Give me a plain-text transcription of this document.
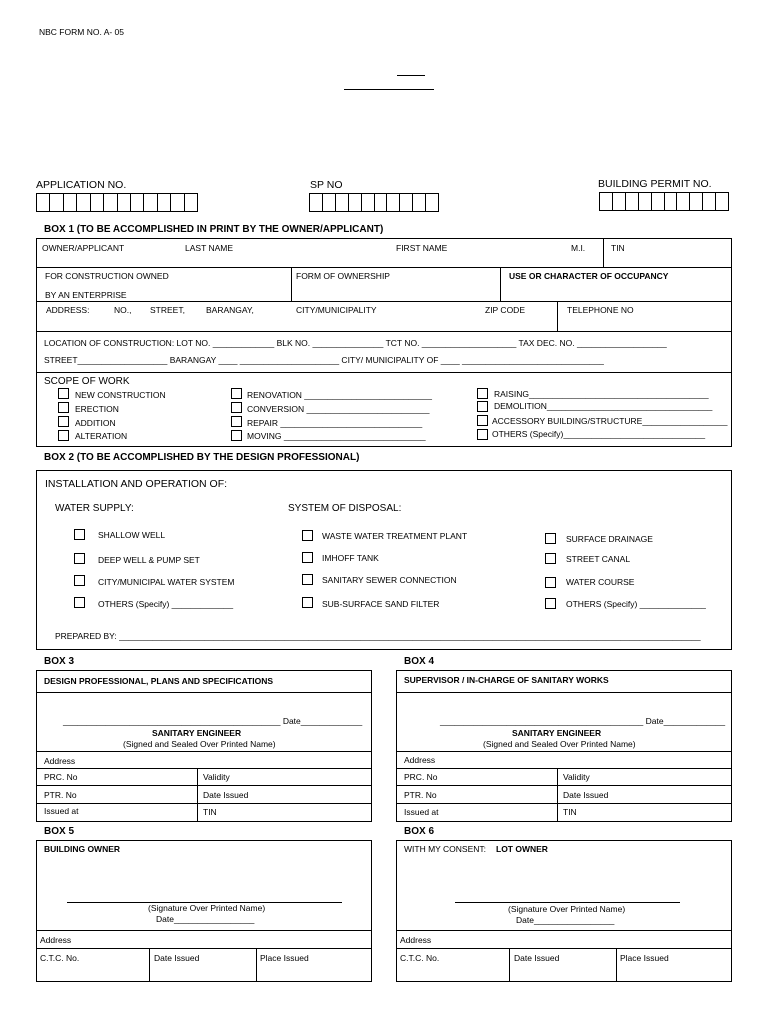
NBC FORM NO. A- 05
APPLICATION NO.	SP NO	BUILDING PERMIT NO.
BOX 1 (TO BE ACCOMPLISHED IN PRINT BY THE OWNER/APPLICANT)
OWNER/APPLICANT	LAST NAME	FIRST NAME	M.I.	TIN
FOR CONSTRUCTION OWNED
BY AN ENTERPRISE
FORM OF OWNERSHIP	USE OR CHARACTER OF OCCUPANCY
ADDRESS:	NO., STREET, BARANGAY,	CITY/MUNICIPALITY	ZIP CODE	TELEPHONE NO
LOCATION OF CONSTRUCTION: LOT NO. _____________ BLK NO. _______________ TCT NO. ____________________ TAX DEC. NO. ___________________
STREET___________________ BARANGAY ____ _____________________ CITY/ MUNICIPALITY OF ____ ______________________________
SCOPE OF WORK
NEW CONSTRUCTION
ERECTION
ADDITION
ALTERATION
RENOVATION ___________________________
CONVERSION __________________________
REPAIR ______________________________
MOVING ______________________________
RAISING______________________________________
DEMOLITION___________________________________
ACCESSORY BUILDING/STRUCTURE__________________
OTHERS (Specify)______________________________
BOX 2 (TO BE ACCOMPLISHED BY THE DESIGN PROFESSIONAL)
INSTALLATION AND OPERATION OF:
WATER SUPPLY:	SYSTEM OF DISPOSAL:
SHALLOW WELL
DEEP WELL & PUMP SET
CITY/MUNICIPAL WATER SYSTEM
OTHERS (Specify) _____________
WASTE WATER TREATMENT PLANT
IMHOFF TANK
SANITARY SEWER CONNECTION
SUB-SURFACE SAND FILTER
SURFACE DRAINAGE
STREET CANAL
WATER COURSE
OTHERS (Specify) ______________
PREPARED BY: ___________________________________________________________________________________________________________________________
BOX 3
DESIGN PROFESSIONAL, PLANS AND SPECIFICATIONS
______________________________________________ Date_____________
SANITARY ENGINEER
(Signed and Sealed Over Printed Name)
Address
PRC. No	Validity
PTR. No	Date Issued
Issued at	TIN
BOX 4
SUPERVISOR / IN-CHARGE OF SANITARY WORKS
___________________________________________ Date_____________
SANITARY ENGINEER
(Signed and Sealed Over Printed Name)
Address
PRC. No	Validity
PTR. No	Date Issued
Issued at	TIN
BOX 5
BUILDING OWNER
(Signature Over Printed Name)
Date_________________
Address
C.T.C. No.	Date Issued	Place Issued
BOX 6
WITH MY CONSENT: LOT OWNER
(Signature Over Printed Name)
Date_________________
Address
C.T.C. No.	Date Issued	Place Issued
